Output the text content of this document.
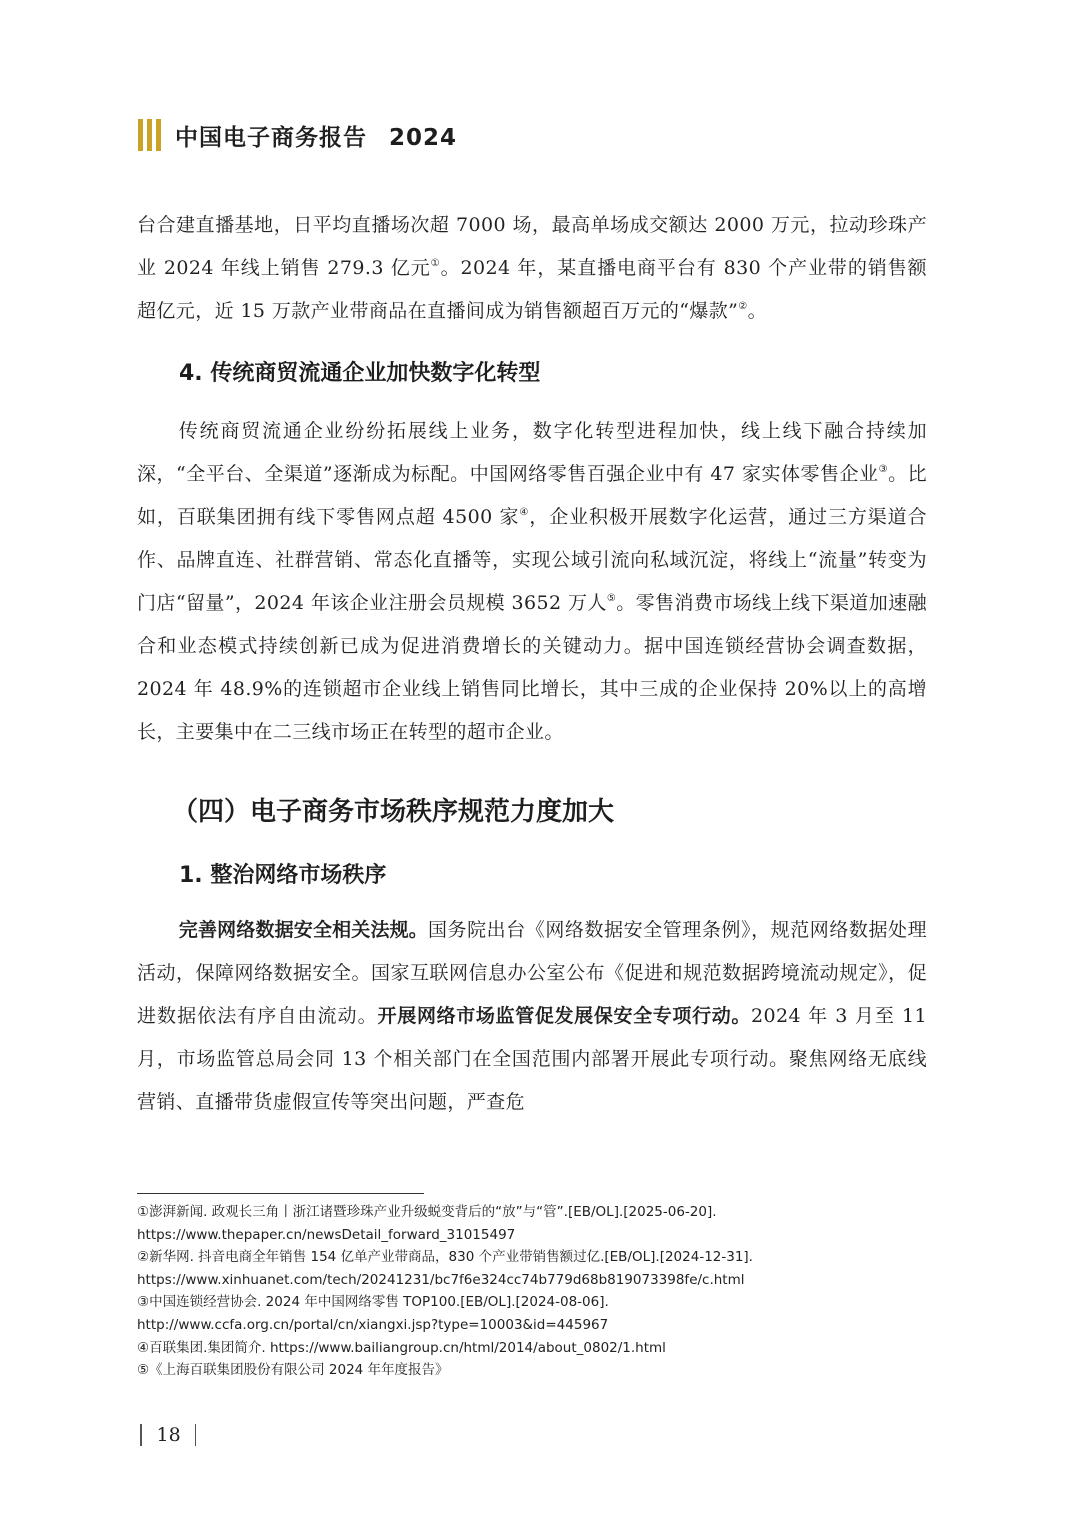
中国电子商务报告 2024

台合建直播基地，日平均直播场次超 7000 场，最高单场成交额达 2000 万元，拉动珍珠产业 2024 年线上销售 279.3 亿元①。2024 年，某直播电商平台有 830 个产业带的销售额超亿元，近 15 万款产业带商品在直播间成为销售额超百万元的“爆款”②。

4. 传统商贸流通企业加快数字化转型

传统商贸流通企业纷纷拓展线上业务，数字化转型进程加快，线上线下融合持续加深，“全平台、全渠道”逐渐成为标配。中国网络零售百强企业中有 47 家实体零售企业③。比如，百联集团拥有线下零售网点超 4500 家④，企业积极开展数字化运营，通过三方渠道合作、品牌直连、社群营销、常态化直播等，实现公域引流向私域沉淀，将线上“流量”转变为门店“留量”，2024 年该企业注册会员规模 3652 万人⑤。零售消费市场线上线下渠道加速融合和业态模式持续创新已成为促进消费增长的关键动力。据中国连锁经营协会调查数据，2024 年 48.9%的连锁超市企业线上销售同比增长，其中三成的企业保持 20%以上的高增长，主要集中在二三线市场正在转型的超市企业。

（四）电子商务市场秩序规范力度加大
1. 整治网络市场秩序

完善网络数据安全相关法规。国务院出台《网络数据安全管理条例》，规范网络数据处理活动，保障网络数据安全。国家互联网信息办公室公布《促进和规范数据跨境流动规定》，促进数据依法有序自由流动。开展网络市场监管促发展保安全专项行动。2024 年 3 月至 11 月，市场监管总局会同 13 个相关部门在全国范围内部署开展此专项行动。聚焦网络无底线营销、直播带货虚假宣传等突出问题，严查危

①澎湃新闻. 政观长三角丨浙江诸暨珍珠产业升级蜕变背后的“放”与“管”.[EB/OL].[2025-06-20].
https://www.thepaper.cn/newsDetail_forward_31015497
②新华网. 抖音电商全年销售 154 亿单产业带商品，830 个产业带销售额过亿.[EB/OL].[2024-12-31].
https://www.xinhuanet.com/tech/20241231/bc7f6e324cc74b779d68b819073398fe/c.html
③中国连锁经营协会. 2024 年中国网络零售 TOP100.[EB/OL].[2024-08-06].
http://www.ccfa.org.cn/portal/cn/xiangxi.jsp?type=10003&id=445967
④百联集团.集团简介. https://www.bailiangroup.cn/html/2014/about_0802/1.html
⑤《上海百联集团股份有限公司 2024 年年度报告》
18
